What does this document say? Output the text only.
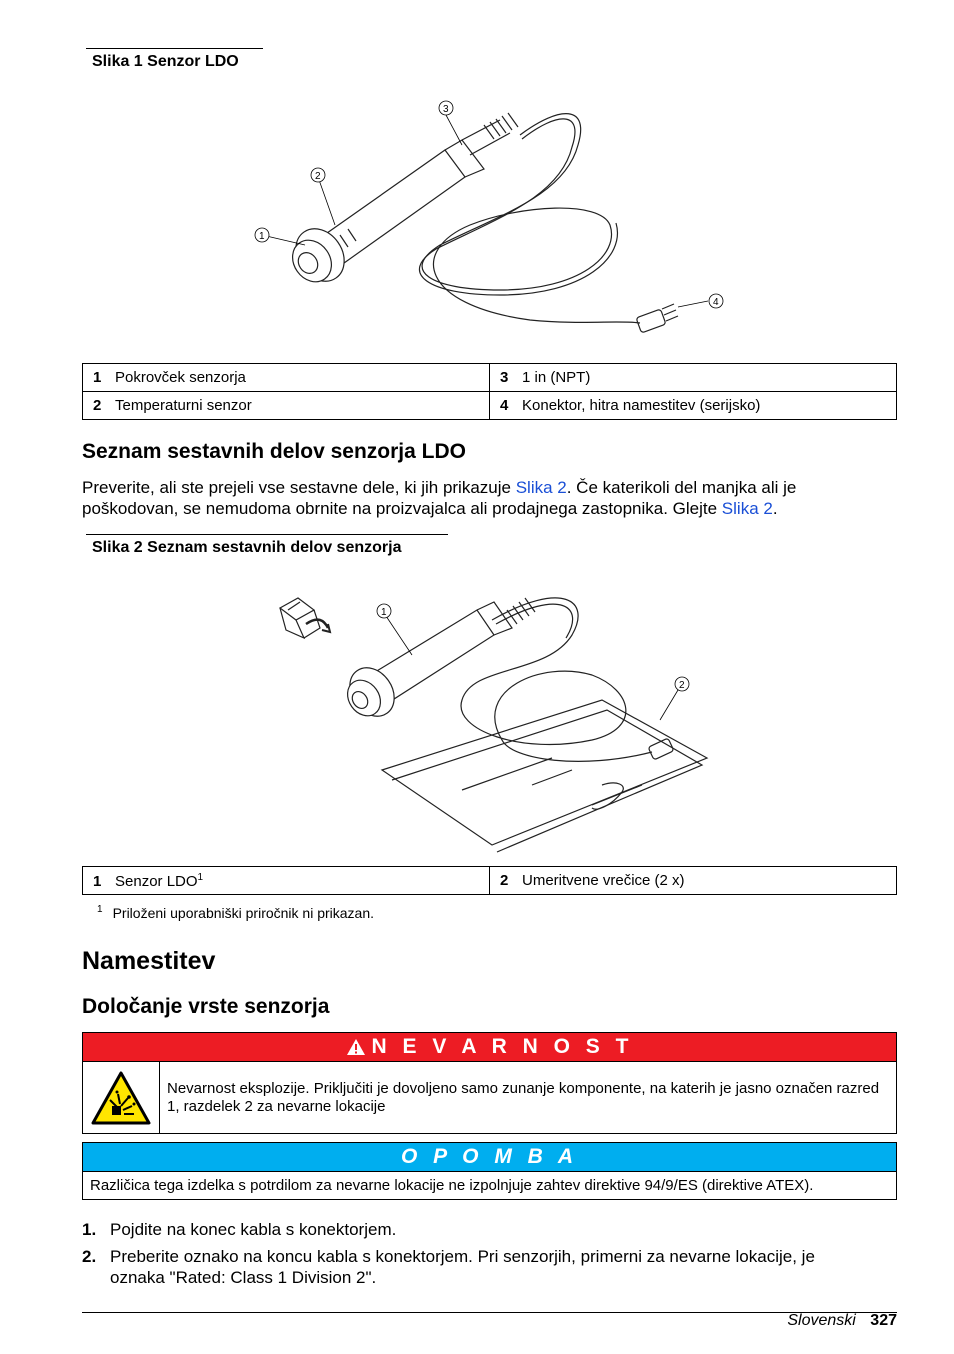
Slika 1 Senzor LDO
1
2
3
4
1 Pokrovček senzorja	3 1 in (NPT)
2 Temperaturni senzor	4 Konektor, hitra namestitev (serijsko)
Seznam sestavnih delov senzorja LDO
Preverite, ali ste prejeli vse sestavne dele, ki jih prikazuje Slika 2. Če katerikoli del manjka ali je poškodovan, se nemudoma obrnite na proizvajalca ali prodajnega zastopnika. Glejte Slika 2.
Slika 2 Seznam sestavnih delov senzorja
1
2
1 Senzor LDO$^1$	2 Umeritvene vrečice (2 x)
$^1$ Priloženi uporabniški priročnik ni prikazan.
Namestitev
Določanje vrste senzorja
N E V A R N O S T
Nevarnost eksplozije. Priključiti je dovoljeno samo zunanje komponente, na katerih je jasno označen razred 1, razdelek 2 za nevarne lokacije
O P O M B A
Različica tega izdelka s potrdilom za nevarne lokacije ne izpolnjuje zahtev direktive 94/9/ES (direktive ATEX).
1. Pojdite na konec kabla s konektorjem.
2. Preberite oznako na koncu kabla s konektorjem. Pri senzorjih, primerni za nevarne lokacije, je oznaka "Rated: Class 1 Division 2".
Slovenski 327
